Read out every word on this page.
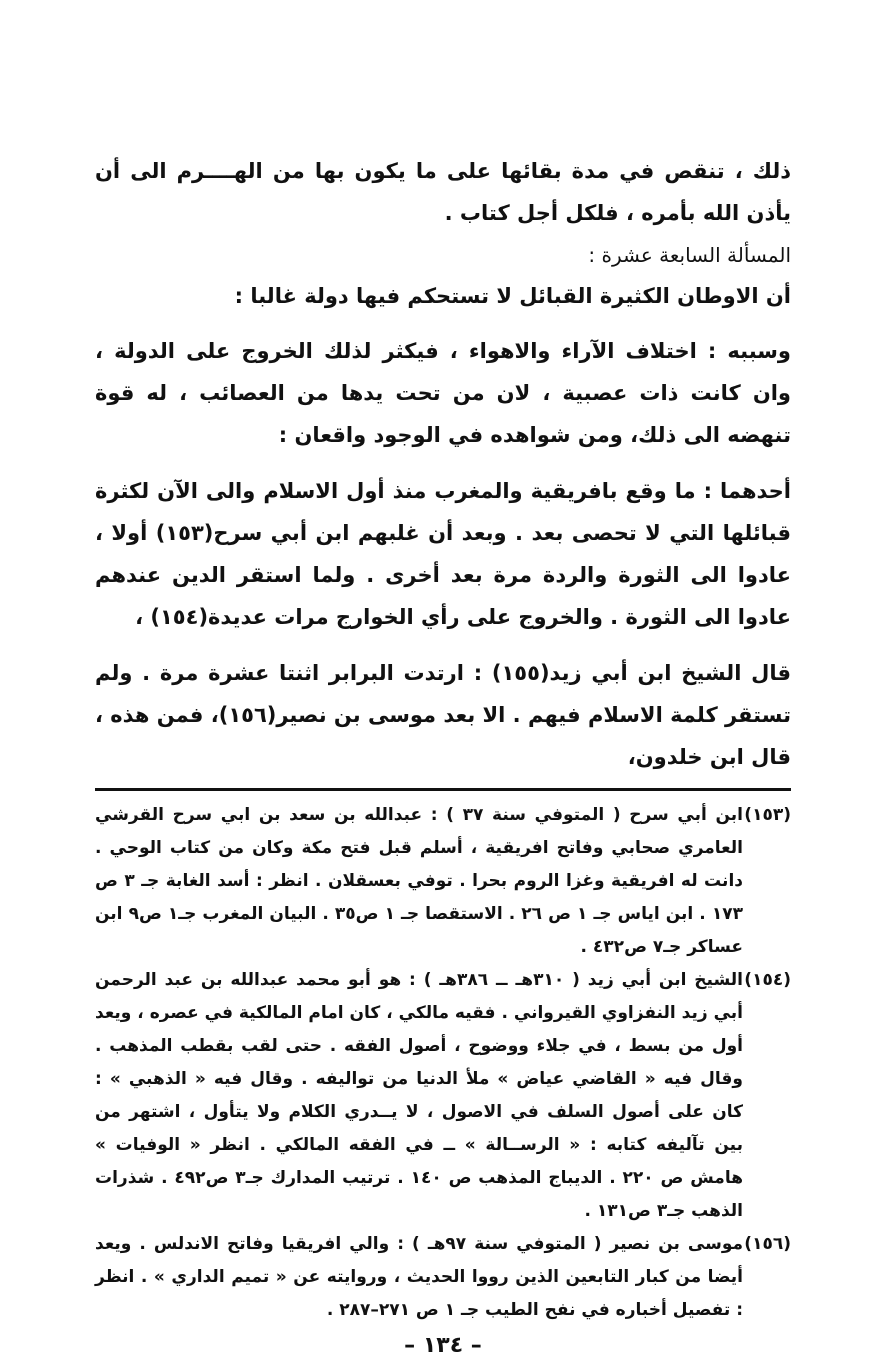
ذلك ، تنقص في مدة بقائها على ما يكون بها من الهــــرم الى أن يأذن الله بأمره ، فلكل أجل كتاب .

المسألة السابعة عشرة :
أن الاوطان الكثيرة القبائل لا تستحكم فيها دولة غالبا :

وسببه : اختلاف الآراء والاهواء ، فيكثر لذلك الخروج على الدولة ، وان كانت ذات عصبية ، لان من تحت يدها من العصائب ، له قوة تنهضه الى ذلك، ومن شواهده في الوجود واقعان :

أحدهما : ما وقع بافريقية والمغرب منذ أول الاسلام والى الآن لكثرة قبائلها التي لا تحصى بعد . وبعد أن غلبهم ابن أبي سرح(١٥٣) أولا ، عادوا الى الثورة والردة مرة بعد أخرى . ولما استقر الدين عندهم عادوا الى الثورة . والخروج على رأي الخوارج مرات عديدة(١٥٤) ،

قال الشيخ ابن أبي زيد(١٥٥) : ارتدت البرابر اثنتا عشرة مرة . ولم تستقر كلمة الاسلام فيهم . الا بعد موسى بن نصير(١٥٦)، فمن هذه ، قال ابن خلدون،

(١٥٣)
ابن أبي سرح ( المتوفي سنة ٣٧ ) : عبدالله بن سعد بن ابي سرح القرشي العامري صحابي وفاتح افريقية ، أسلم قبل فتح مكة وكان من كتاب الوحي . دانت له افريقية وغزا الروم بحرا . توفي بعسقلان . انظر : أسد الغابة جـ ٣ ص ١٧٣ . ابن اياس جـ ١ ص ٢٦ . الاستقصا جـ ١ ص٣٥ . البيان المغرب جـ١ ص٩ ابن عساكر جـ٧ ص٤٣٢ .
(١٥٤)
الشيخ ابن أبي زيد ( ٣١٠هـ ــ ٣٨٦هـ ) : هو أبو محمد عبدالله بن عبد الرحمن أبي زيد النفزاوي القيرواني . فقيه مالكي ، كان امام المالكية في عصره ، ويعد أول من بسط ، في جلاء ووضوح ، أصول الفقه . حتى لقب بقطب المذهب . وقال فيه « القاضي عياض » ملأ الدنيا من تواليفه . وقال فيه « الذهبي » : كان على أصول السلف في الاصول ، لا يــدري الكلام ولا يتأول ، اشتهر من بين تآليفه كتابه : « الرســالة » ــ في الفقه المالكي . انظر « الوفيات » هامش ص ٢٢٠ . الديباج المذهب ص ١٤٠ . ترتيب المدارك جـ٣ ص٤٩٢ . شذرات الذهب جـ٣ ص١٣١ .
(١٥٦)
موسى بن نصير ( المتوفي سنة ٩٧هـ ) : والي افريقيا وفاتح الاندلس . ويعد أيضا من كبار التابعين الذين رووا الحديث ، وروايته عن « تميم الداري » . انظر : تفصيل أخباره في نفح الطيب جـ ١ ص ٢٧١–٢٨٧ .
– ١٣٤ –
